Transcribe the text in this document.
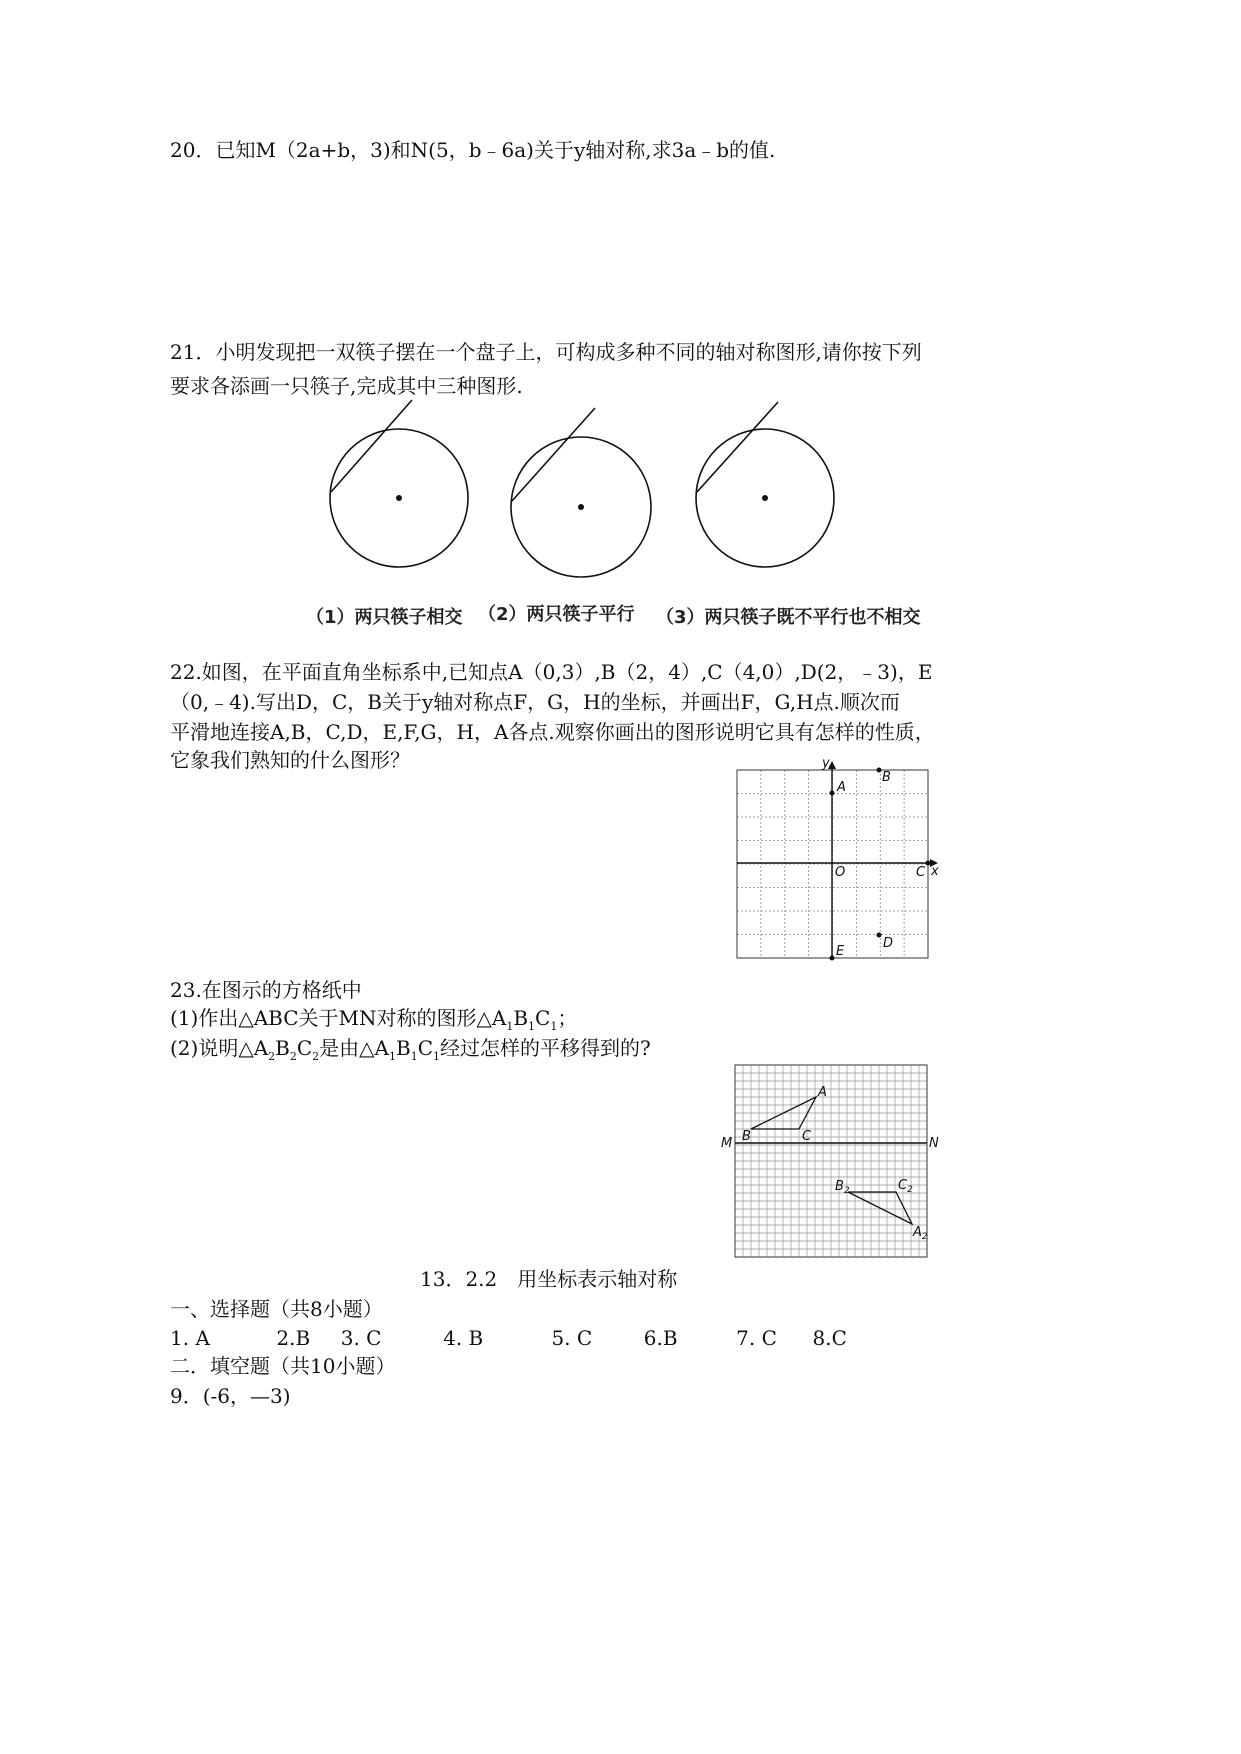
20．已知M（2a+b，3)和N(5，b﹣6a)关于y轴对称,求3a﹣b的值.
21．小明发现把一双筷子摆在一个盘子上，可构成多种不同的轴对称图形,请你按下列
要求各添画一只筷子,完成其中三种图形.
（1）两只筷子相交 （2）两只筷子平行 （3）两只筷子既不平行也不相交
22.如图，在平面直角坐标系中,已知点A（0,3）,B（2，4）,C（4,0）,D(2，﹣3)，E
（0,﹣4).写出D，C，B关于y轴对称点F，G，H的坐标，并画出F，G,H点.顺次而
平滑地连接A,B，C,D，E,F,G，H，A各点.观察你画出的图形说明它具有怎样的性质，
它象我们熟知的什么图形？	y
x
O
A
B
C
D
E
23.在图示的方格纸中
(1)作出△ABC关于MN对称的图形$\triangle A_1B_1C_1$；
(2)说明$\triangle A_2B_2C_2$是由$\triangle A_1B_1C_1$经过怎样的平移得到的?
M	N
A
B	C
$B_2$	$C_2$
$A_2$
13．2.2　用坐标表示轴对称
一、选择题（共8小题）
1. A	2.B 3. C	4. B	5. C	6.B	7. C 8.C
二．填空题（共10小题）
9．(-6，—3)
